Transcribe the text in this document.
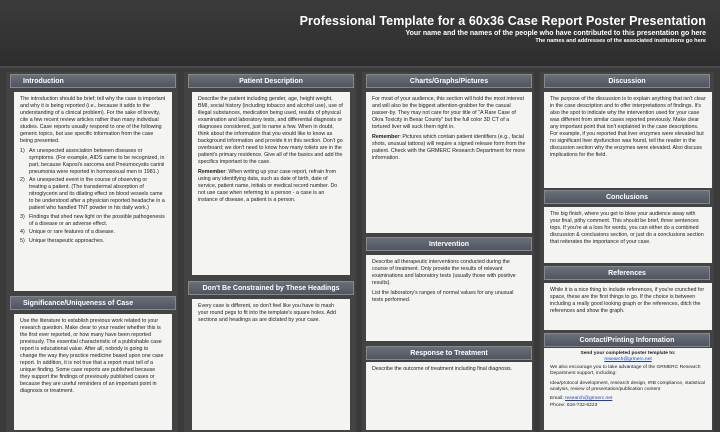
Professional Template for a 60x36 Case Report Poster Presentation
Your name and the names of the people who have contributed to this presentation go here
The names and addresses of the associated institutions go here
Introduction

The introduction should be brief; tell why the case is important and why it is being reported (i.e., because it adds to the understanding of a clinical problem). For the sake of brevity, cite a few recent review articles rather than many individual studies. Case reports usually respond to one of the following generic topics, but use specific information from the case being presented.

1) An unexpected association between diseases or symptoms. (For example, AIDS came to be recognized, in part, because Kaposi's sarcoma and Pneumocystis carinii pneumonia were reported in homosexual men in 1981.)
2) An unexpected event in the course of observing or treating a patient. (The transdermal absorption of nitroglycerin and its dilating effect on blood vessels came to be understood after a physician reported headache in a patient who handled TNT powder in his daily work.)
3) Findings that shed new light on the possible pathogenesis of a disease or an adverse effect.
4) Unique or rare features of a disease.
5) Unique therapeutic approaches.
Significance/Uniqueness of Case

Use the literature to establish previous work related to your research question. Make clear to your reader whether this is the first ever reported, or how many have been reported previously. The essential characteristic of a publishable case report is educational value. After all, nobody is going to change the way they practice medicine based upon one case report. In addition, it is not true that a report must tell of a unique finding. Some case reports are published because they support the findings of previously published cases or because they are useful reminders of an important point in diagnosis or treatment.

Patient Description

Describe the patient including gender, age, height weight, BMI, social history (including tobacco and alcohol use), use of illegal substances, medication being used, results of physical examination and laboratory tests, and differential diagnosis or diagnoses considered, just to name a few. When in doubt, think about the information that you would like to know as background information and provide it in this section. Don't go overboard; we don't need to know how many toilets are in the patient's primary residence. Give all of the basics and add the specifics important to the case.

Remember: When writing up your case report, refrain from using any identifying data, such as date of birth, date of service, patient name, initials or medical record number. Do not use case when referring to a person - a case is an instance of disease, a patient is a person.

Don't Be Constrained by These Headings

Every case is different, so don't feel like you have to mash your round pegs to fit into the template's square holes. Add sections and headings as are dictated by your case.

Charts/Graphs/Pictures

For most of your audience, this section will hold the most interest and will also be the biggest attention-grabber for the casual passer-by. They may not care for your title of "A Rare Case of Okra Toxicity in Bexar County" but the full color 3D CT of a tortured liver will suck them right in.

Remember: Pictures which contain patient identifiers (e.g., facial shots, unusual tattoos) will require a signed release form from the patient. Check with the GRMERC Research Department for more information.

Intervention

Describe all therapeutic interventions conducted during the course of treatment. Only provide the results of relevant examinations and laboratory tests (usually those with positive results).

List the laboratory's ranges of normal values for any unusual tests performed.

Response to Treatment

Describe the outcome of treatment including final diagnosis.

Discussion

The purpose of the discussion is to explain anything that isn't clear in the case description and to offer interpretations of findings. It's also the spot to indicate why the intervention used for your case was different from similar cases reported previously. Make clear any important point that isn't explained in the case descriptions. For example, if you reported that liver enzymes were elevated but no significant liver dysfunction was found, tell the reader in the discussion section why the enzymes were elevated. Also discuss implications for the field.

Conclusions

The big finish, where you get to blow your audience away with your final, pithy comment. This should be brief, three sentences tops. If you're at a loss for words, you can either do a combined discussion & conclusions section, or just do a conclusions section that reiterates the importance of your case.

References

While it is a nice thing to include references, if you're crunched for space, these are the first things to go. If the choice is between including a really good looking graph or the references, ditch the references and show the graph.

Contact/Printing Information

Send your completed poster template to:
research@grmerc.net

We also encourage you to take advantage of the GRMERC Research Department support, including:

Idea/protocol development, research design, IRB compliance, statistical analysis, review of presentation/publication content

Email: research@grmerc.net
Phone: 616-732-6223
